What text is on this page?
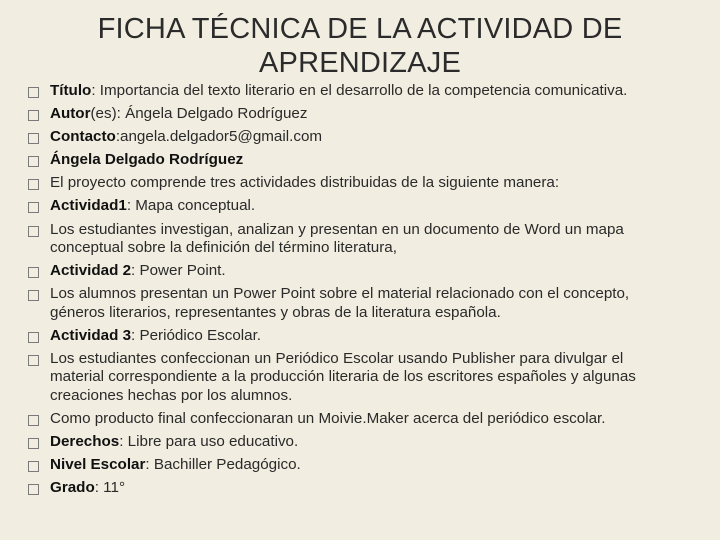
FICHA TÉCNICA DE LA ACTIVIDAD DE APRENDIZAJE
Título: Importancia del texto literario en el desarrollo de la competencia comunicativa.
Autor(es): Ángela Delgado Rodríguez
Contacto:angela.delgador5@gmail.com
Ángela Delgado Rodríguez
El proyecto comprende tres actividades distribuidas de la siguiente manera:
Actividad1: Mapa conceptual.
Los estudiantes investigan, analizan y presentan en un documento de Word un mapa conceptual sobre la definición del término literatura,
Actividad 2: Power Point.
Los alumnos presentan un Power Point sobre el material relacionado con el concepto, géneros literarios, representantes y obras de la literatura española.
Actividad 3: Periódico Escolar.
Los estudiantes confeccionan un Periódico Escolar usando Publisher para divulgar el material correspondiente a la producción literaria de los escritores españoles y algunas creaciones hechas por los alumnos.
Como producto final confeccionaran un Moivie.Maker acerca del periódico escolar.
Derechos: Libre para uso educativo.
Nivel Escolar: Bachiller Pedagógico.
Grado: 11°
